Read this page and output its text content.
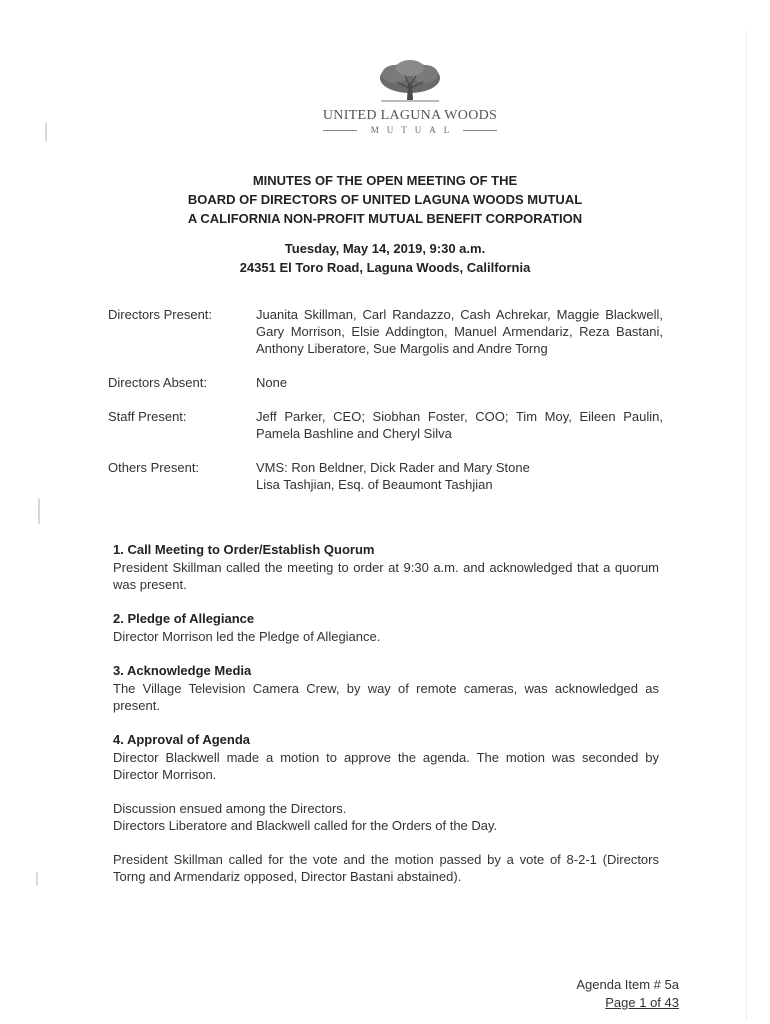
UNITED LAGUNA WOODS
MUTUAL
MINUTES OF THE OPEN MEETING OF THE
BOARD OF DIRECTORS OF UNITED LAGUNA WOODS MUTUAL
A CALIFORNIA NON-PROFIT MUTUAL BENEFIT CORPORATION
Tuesday, May 14, 2019, 9:30 a.m.
24351 El Toro Road, Laguna Woods, Calilfornia
Directors Present:	Juanita Skillman, Carl Randazzo, Cash Achrekar, Maggie Blackwell, Gary Morrison, Elsie Addington, Manuel Armendariz, Reza Bastani, Anthony Liberatore, Sue Margolis and Andre Torng
Directors Absent:	None
Staff Present:	Jeff Parker, CEO; Siobhan Foster, COO; Tim Moy, Eileen Paulin, Pamela Bashline and Cheryl Silva
Others Present:	VMS: Ron Beldner, Dick Rader and Mary Stone
Lisa Tashjian, Esq. of Beaumont Tashjian
1. Call Meeting to Order/Establish Quorum

President Skillman called the meeting to order at 9:30 a.m. and acknowledged that a quorum was present.

2. Pledge of Allegiance

Director Morrison led the Pledge of Allegiance.

3. Acknowledge Media

The Village Television Camera Crew, by way of remote cameras, was acknowledged as present.

4. Approval of Agenda

Director Blackwell made a motion to approve the agenda. The motion was seconded by Director Morrison.

Discussion ensued among the Directors.
Directors Liberatore and Blackwell called for the Orders of the Day.

President Skillman called for the vote and the motion passed by a vote of 8-2-1 (Directors Torng and Armendariz opposed, Director Bastani abstained).

Agenda Item # 5a
Page 1 of 43
